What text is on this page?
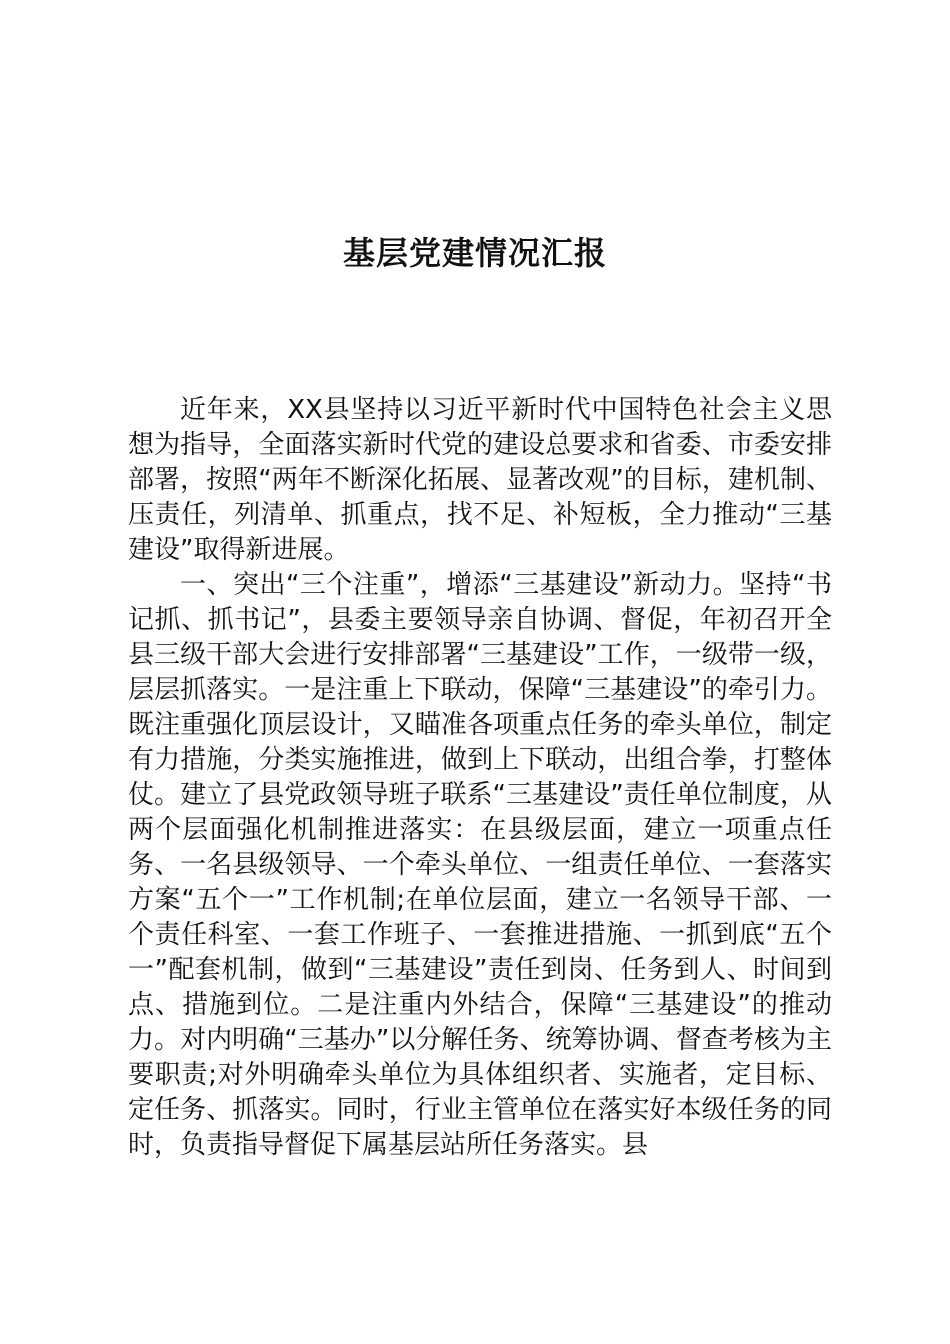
基层党建情况汇报

近年来，XX县坚持以习近平新时代中国特色社会主义思想为指导，全面落实新时代党的建设总要求和省委、市委安排部署，按照“两年不断深化拓展、显著改观”的目标，建机制、压责任，列清单、抓重点，找不足、补短板，全力推动“三基建设”取得新进展。

一、突出“三个注重”，增添“三基建设”新动力。坚持“书记抓、抓书记”，县委主要领导亲自协调、督促，年初召开全县三级干部大会进行安排部署“三基建设”工作，一级带一级，层层抓落实。一是注重上下联动，保障“三基建设”的牵引力。既注重强化顶层设计，又瞄准各项重点任务的牵头单位，制定有力措施，分类实施推进，做到上下联动，出组合拳，打整体仗。建立了县党政领导班子联系“三基建设”责任单位制度，从两个层面强化机制推进落实：在县级层面，建立一项重点任务、一名县级领导、一个牵头单位、一组责任单位、一套落实方案“五个一”工作机制;在单位层面，建立一名领导干部、一个责任科室、一套工作班子、一套推进措施、一抓到底“五个一”配套机制，做到“三基建设”责任到岗、任务到人、时间到点、措施到位。二是注重内外结合，保障“三基建设”的推动力。对内明确“三基办”以分解任务、统筹协调、督查考核为主要职责;对外明确牵头单位为具体组织者、实施者，定目标、定任务、抓落实。同时，行业主管单位在落实好本级任务的同时，负责指导督促下属基层站所任务落实。县
